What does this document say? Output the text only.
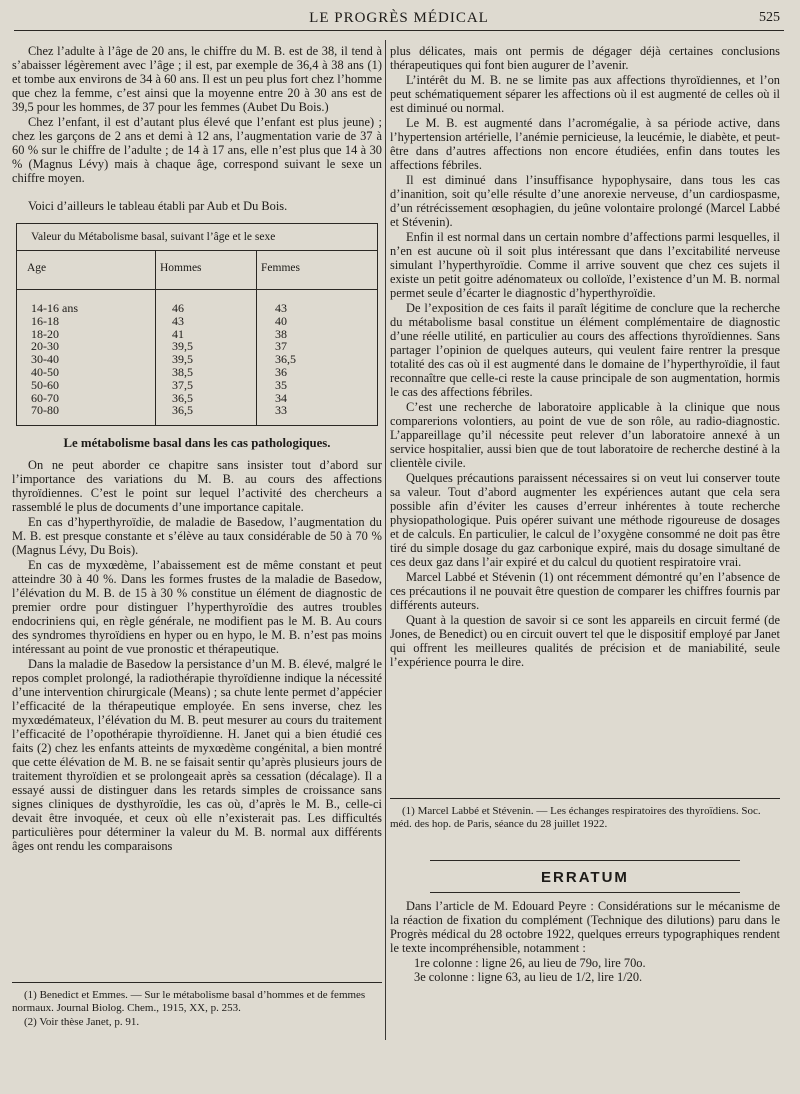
LE PROGRÈS MÉDICAL	525

Chez l’adulte à l’âge de 20 ans, le chiffre du M. B. est de 38, il tend à s’abaisser légèrement avec l’âge ; il est, par exemple de 36,4 à 38 ans (1) et tombe aux environs de 34 à 60 ans. Il est un peu plus fort chez l’homme que chez la femme, c’est ainsi que la moyenne entre 20 à 30 ans est de 39,5 pour les hommes, de 37 pour les femmes (Aubet Du Bois.)

Chez l’enfant, il est d’autant plus élevé que l’enfant est plus jeune) ; chez les garçons de 2 ans et demi à 12 ans, l’augmentation varie de 37 à 60 % sur le chiffre de l’adulte ; de 14 à 17 ans, elle n’est plus que 14 à 30 % (Magnus Lévy) mais à chaque âge, correspond suivant le sexe un chiffre moyen.

Voici d’ailleurs le tableau établi par Aub et Du Bois.

Valeur du Métabolisme basal, suivant l’âge et le sexe		
Age	Hommes	Femmes

14-16 ans	46	43
16-18	43	40
18-20	41	38
20-30	39,5	37
30-40	39,5	36,5
40-50	38,5	36
50-60	37,5	35
60-70	36,5	34
70-80	36,5	33

Le métabolisme basal dans les cas pathologiques.

On ne peut aborder ce chapitre sans insister tout d’abord sur l’importance des variations du M. B. au cours des affections thyroïdiennes. C’est le point sur lequel l’activité des chercheurs a rassemblé le plus de documents d’une importance capitale.

En cas d’hyperthyroïdie, de maladie de Basedow, l’augmentation du M. B. est presque constante et s’élève au taux considérable de 50 à 70 % (Magnus Lévy, Du Bois).

En cas de myxœdème, l’abaissement est de même constant et peut atteindre 30 à 40 %. Dans les formes frustes de la maladie de Basedow, l’élévation du M. B. de 15 à 30 % constitue un élément de diagnostic de premier ordre pour distinguer l’hyperthyroïdie des autres troubles endocriniens qui, en règle générale, ne modifient pas le M. B. Au cours des syndromes thyroïdiens en hyper ou en hypo, le M. B. n’est pas moins intéressant au point de vue pronostic et thérapeutique.

Dans la maladie de Basedow la persistance d’un M. B. élevé, malgré le repos complet prolongé, la radiothérapie thyroïdienne indique la nécessité d’une intervention chirurgicale (Means) ; sa chute lente permet d’appécier l’efficacité de la thérapeutique employée. En sens inverse, chez les myxœdémateux, l’élévation du M. B. peut mesurer au cours du traitement l’efficacité de l’opothérapie thyroïdienne. H. Janet qui a bien étudié ces faits (2) chez les enfants atteints de myxœdème congénital, a bien montré que cette élévation de M. B. ne se faisait sentir qu’après plusieurs jours de traitement thyroïdien et se prolongeait après sa cessation (décalage). Il a essayé aussi de distinguer dans les retards simples de croissance sans signes cliniques de dysthyroïdie, les cas où, d’après le M. B., celle-ci devait être invoquée, et ceux où elle n’existerait pas. Les difficultés particulières pour déterminer la valeur du M. B. normal aux différents âges ont rendu les comparaisons

(1) Benedict et Emmes. — Sur le métabolisme basal d’hommes et de femmes normaux. Journal Biolog. Chem., 1915, XX, p. 253.

(2) Voir thèse Janet, p. 91.

plus délicates, mais ont permis de dégager déjà certaines conclusions thérapeutiques qui font bien augurer de l’avenir.

L’intérêt du M. B. ne se limite pas aux affections thyroïdiennes, et l’on peut schématiquement séparer les affections où il est augmenté de celles où il est diminué ou normal.

Le M. B. est augmenté dans l’acromégalie, à sa période active, dans l’hypertension artérielle, l’anémie pernicieuse, la leucémie, le diabète, et peut-être dans d’autres affections non encore étudiées, enfin dans toutes les affections fébriles.

Il est diminué dans l’insuffisance hypophysaire, dans tous les cas d’inanition, soit qu’elle résulte d’une anorexie nerveuse, d’un cardiospasme, d’un rétrécissement œsophagien, du jeûne volontaire prolongé (Marcel Labbé et Stévenin).

Enfin il est normal dans un certain nombre d’affections parmi lesquelles, il n’en est aucune où il soit plus intéressant que dans l’excitabilité nerveuse simulant l’hyperthyroïdie. Comme il arrive souvent que chez ces sujets il existe un petit goitre adénomateux ou colloïde, l’existence d’un M. B. normal permet seule d’écarter le diagnostic d’hyperthyroïdie.

De l’exposition de ces faits il paraît légitime de conclure que la recherche du métabolisme basal constitue un élément complémentaire de diagnostic d’une réelle utilité, en particulier au cours des affections thyroïdiennes. Sans partager l’opinion de quelques auteurs, qui veulent faire rentrer la presque totalité des cas où il est augmenté dans le domaine de l’hyperthyroïdie, il faut reconnaître que celle-ci reste la cause principale de son augmentation, hormis le cas des affections fébriles.

C’est une recherche de laboratoire applicable à la clinique que nous comparerions volontiers, au point de vue de son rôle, au radio-diagnostic. L’appareillage qu’il nécessite peut relever d’un laboratoire annexé à un service hospitalier, aussi bien que de tout laboratoire de recherche destiné à la clientèle civile.

Quelques précautions paraissent nécessaires si on veut lui conserver toute sa valeur. Tout d’abord augmenter les expériences autant que cela sera possible afin d’éviter les causes d’erreur inhérentes à toute recherche physiopathologique. Puis opérer suivant une méthode rigoureuse de dosages et de calculs. En particulier, le calcul de l’oxygène consommé ne doit pas être tiré du simple dosage du gaz carbonique expiré, mais du dosage simultané de ces deux gaz dans l’air expiré et du calcul du quotient respiratoire vrai.

Marcel Labbé et Stévenin (1) ont récemment démontré qu’en l’absence de ces précautions il ne pouvait être question de comparer les chiffres fournis par différents auteurs.

Quant à la question de savoir si ce sont les appareils en circuit fermé (de Jones, de Benedict) ou en circuit ouvert tel que le dispositif employé par Janet qui offrent les meilleures qualités de précision et de maniabilité, seule l’expérience pourra le dire.

(1) Marcel Labbé et Stévenin. — Les échanges respiratoires des thyroïdiens. Soc. méd. des hop. de Paris, séance du 28 juillet 1922.

ERRATUM

Dans l’article de M. Edouard Peyre : Considérations sur le mécanisme de la réaction de fixation du complément (Technique des dilutions) paru dans le Progrès médical du 28 octobre 1922, quelques erreurs typographiques rendent le texte incompréhensible, notamment :

1re colonne : ligne 26, au lieu de 79o, lire 70o.
3e colonne : ligne 63, au lieu de 1/2, lire 1/20.
